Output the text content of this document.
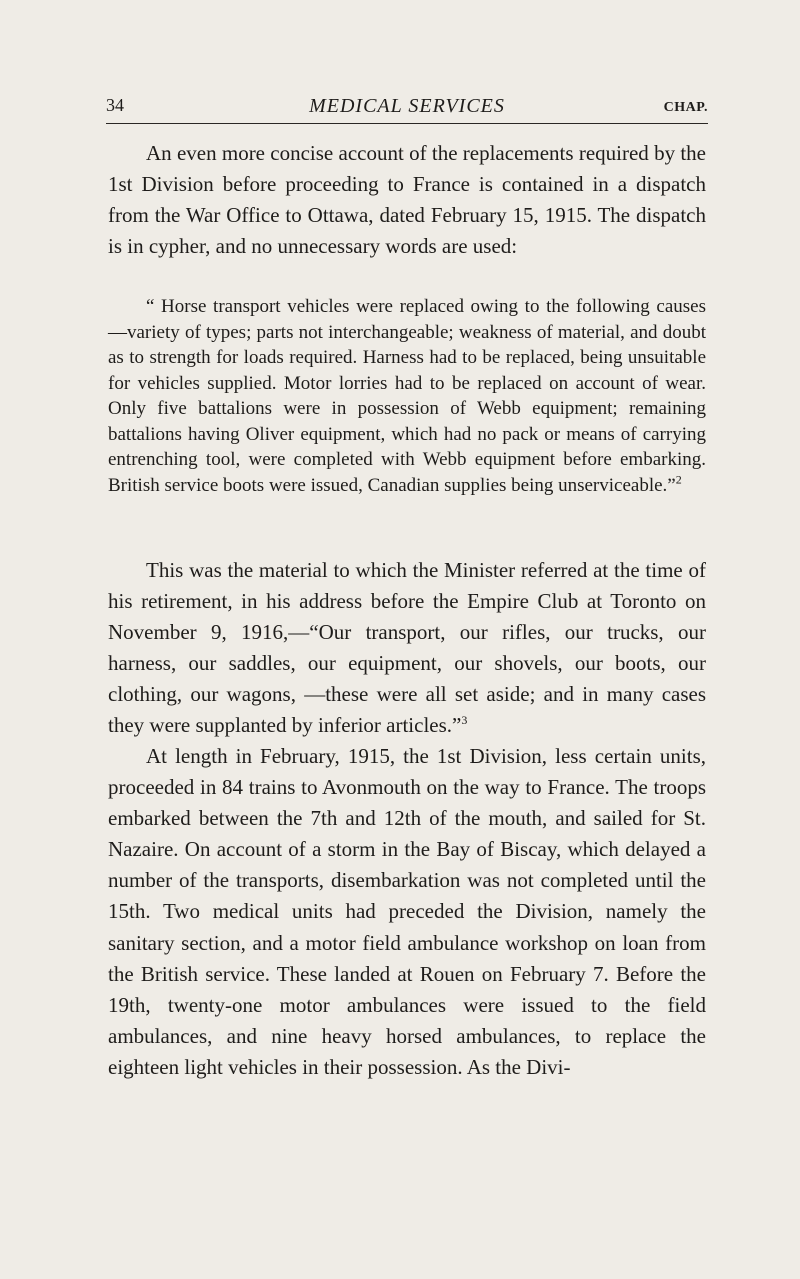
34	MEDICAL SERVICES	CHAP.

An even more concise account of the replacements required by the 1st Division before proceeding to France is contained in a dispatch from the War Office to Ottawa, dated February 15, 1915. The dispatch is in cypher, and no unnecessary words are used:

“ Horse transport vehicles were replaced owing to the following causes—variety of types; parts not interchangeable; weakness of material, and doubt as to strength for loads required. Harness had to be replaced, being unsuitable for vehicles supplied. Motor lorries had to be replaced on account of wear. Only five battalions were in possession of Webb equipment; remaining battalions having Oliver equipment, which had no pack or means of carrying entrenching tool, were completed with Webb equipment before embarking. British service boots were issued, Canadian supplies being unserviceable.”$^2$

This was the material to which the Minister referred at the time of his retirement, in his address before the Empire Club at Toronto on November 9, 1916,—“Our transport, our rifles, our trucks, our harness, our saddles, our equipment, our shovels, our boots, our clothing, our wagons, —these were all set aside; and in many cases they were supplanted by inferior articles.”$^3$

At length in February, 1915, the 1st Division, less certain units, proceeded in 84 trains to Avonmouth on the way to France. The troops embarked between the 7th and 12th of the mouth, and sailed for St. Nazaire. On account of a storm in the Bay of Biscay, which delayed a number of the transports, disembarkation was not completed until the 15th. Two medical units had preceded the Division, namely the sanitary section, and a motor field ambulance workshop on loan from the British service. These landed at Rouen on February 7. Before the 19th, twenty-one motor ambulances were issued to the field ambulances, and nine heavy horsed ambulances, to replace the eighteen light vehicles in their possession. As the Divi-
